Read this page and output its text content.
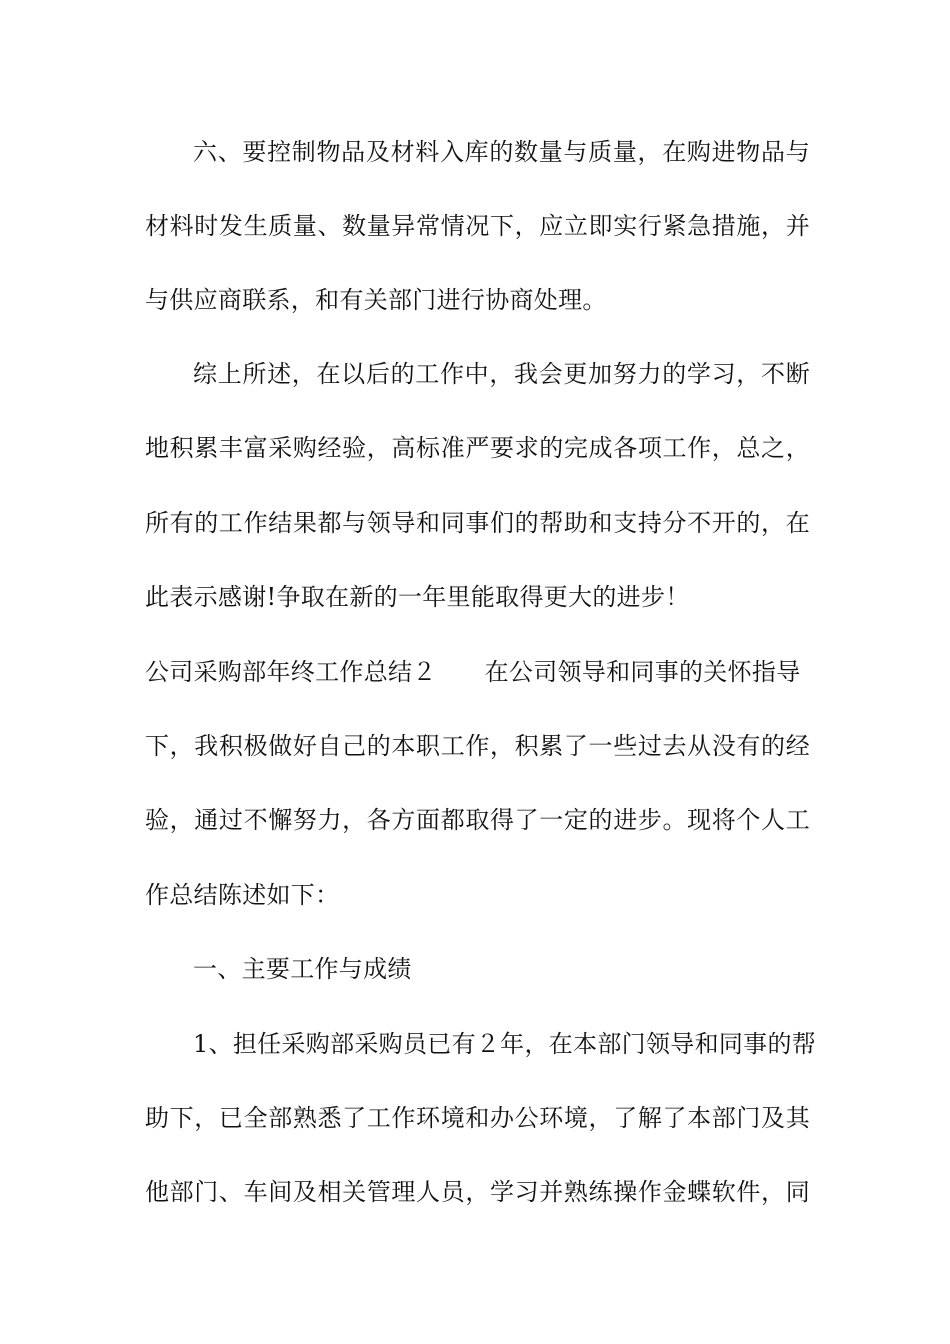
六、要控制物品及材料入库的数量与质量，在购进物品与
材料时发生质量、数量异常情况下，应立即实行紧急措施，并
与供应商联系，和有关部门进行协商处理。
综上所述，在以后的工作中，我会更加努力的学习，不断
地积累丰富采购经验，高标准严要求的完成各项工作，总之，
所有的工作结果都与领导和同事们的帮助和支持分不开的，在
此表示感谢!争取在新的一年里能取得更大的进步！
公司采购部年终工作总结２ 在公司领导和同事的关怀指导
下，我积极做好自己的本职工作，积累了一些过去从没有的经
验，通过不懈努力，各方面都取得了一定的进步。现将个人工
作总结陈述如下：
一、主要工作与成绩
1、担任采购部采购员已有２年，在本部门领导和同事的帮
助下，已全部熟悉了工作环境和办公环境，了解了本部门及其
他部门、车间及相关管理人员，学习并熟练操作金蝶软件，同
